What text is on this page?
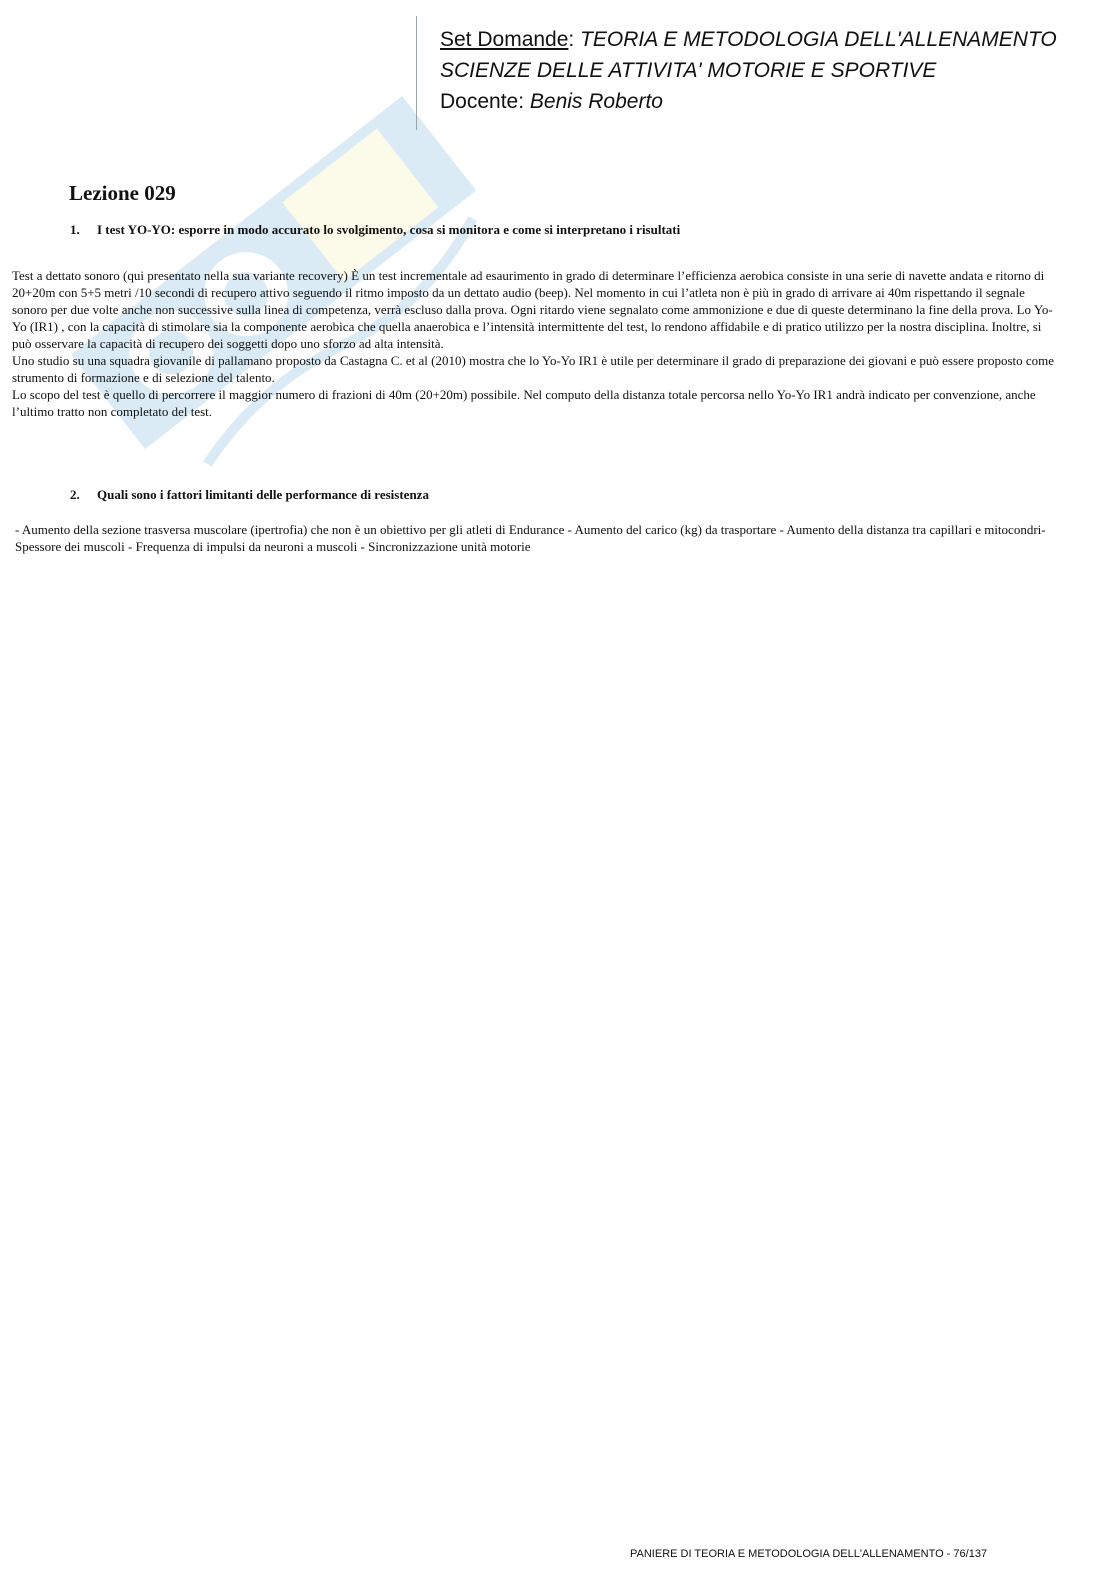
Set Domande: TEORIA E METODOLOGIA DELL'ALLENAMENTO
SCIENZE DELLE ATTIVITA' MOTORIE E SPORTIVE
Docente: Benis Roberto
Lezione 029
1. I test YO-YO: esporre in modo accurato lo svolgimento, cosa si monitora e come si interpretano i risultati

Test a dettato sonoro (qui presentato nella sua variante recovery) È un test incrementale ad esaurimento in grado di determinare l’efficienza aerobica consiste in una serie di navette andata e ritorno di 20+20m con 5+5 metri /10 secondi di recupero attivo seguendo il ritmo imposto da un dettato audio (beep). Nel momento in cui l’atleta non è più in grado di arrivare ai 40m rispettando il segnale sonoro per due volte anche non successive sulla linea di competenza, verrà escluso dalla prova. Ogni ritardo viene segnalato come ammonizione e due di queste determinano la fine della prova. Lo Yo-Yo (IR1) , con la capacità di stimolare sia la componente aerobica che quella anaerobica e l’intensità intermittente del test, lo rendono affidabile e di pratico utilizzo per la nostra disciplina. Inoltre, si può osservare la capacità di recupero dei soggetti dopo uno sforzo ad alta intensità.

Uno studio su una squadra giovanile di pallamano proposto da Castagna C. et al (2010) mostra che lo Yo-Yo IR1 è utile per determinare il grado di preparazione dei giovani e può essere proposto come strumento di formazione e di selezione del talento.

Lo scopo del test è quello di percorrere il maggior numero di frazioni di 40m (20+20m) possibile. Nel computo della distanza totale percorsa nello Yo-Yo IR1 andrà indicato per convenzione, anche l’ultimo tratto non completato del test.

2. Quali sono i fattori limitanti delle performance di resistenza

- Aumento della sezione trasversa muscolare (ipertrofia) che non è un obiettivo per gli atleti di Endurance - Aumento del carico (kg) da trasportare - Aumento della distanza tra capillari e mitocondri- Spessore dei muscoli - Frequenza di impulsi da neuroni a muscoli - Sincronizzazione unità motorie

PANIERE DI TEORIA E METODOLOGIA DELL'ALLENAMENTO - 76/137
